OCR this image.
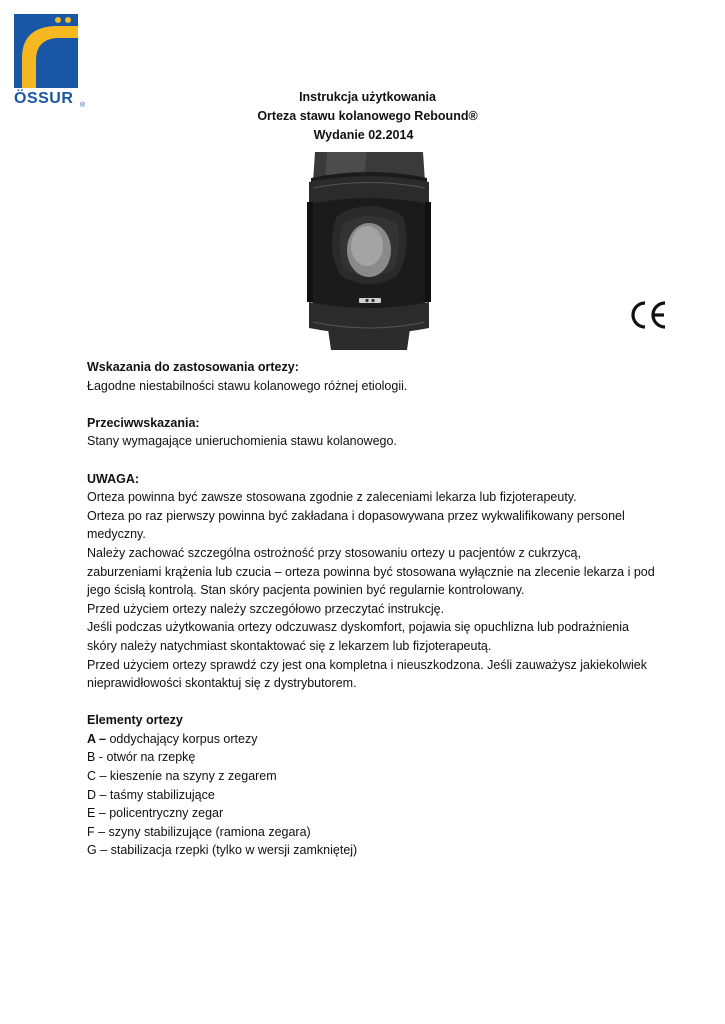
ÖSSUR ®
Instrukcja użytkowania
Orteza stawu kolanowego Rebound®
Wydanie 02.2014

Wskazania do zastosowania ortezy:

Łagodne niestabilności stawu kolanowego różnej etiologii.

Przeciwwskazania:

Stany wymagające unieruchomienia stawu kolanowego.

UWAGA:

Orteza powinna być zawsze stosowana zgodnie z zaleceniami lekarza lub fizjoterapeuty.

Orteza po raz pierwszy powinna być zakładana i dopasowywana przez wykwalifikowany personel

medyczny.

Należy zachować szczególna ostrożność przy stosowaniu ortezy u pacjentów z cukrzycą,

zaburzeniami krążenia lub czucia – orteza powinna być stosowana wyłącznie na zlecenie lekarza i pod

jego ścisłą kontrolą. Stan skóry pacjenta powinien być regularnie kontrolowany.

Przed użyciem ortezy należy szczegółowo przeczytać instrukcję.

Jeśli podczas użytkowania ortezy odczuwasz dyskomfort, pojawia się opuchlizna lub podrażnienia

skóry należy natychmiast skontaktować się z lekarzem lub fizjoterapeutą.

Przed użyciem ortezy sprawdź czy jest ona kompletna i nieuszkodzona. Jeśli zauważysz jakiekolwiek

nieprawidłowości skontaktuj się z dystrybutorem.

Elementy ortezy

A – oddychający korpus ortezy

B - otwór na rzepkę

C – kieszenie na szyny z zegarem

D – taśmy stabilizujące

E – policentryczny zegar

F – szyny stabilizujące (ramiona zegara)

G – stabilizacja rzepki (tylko w wersji zamkniętej)
